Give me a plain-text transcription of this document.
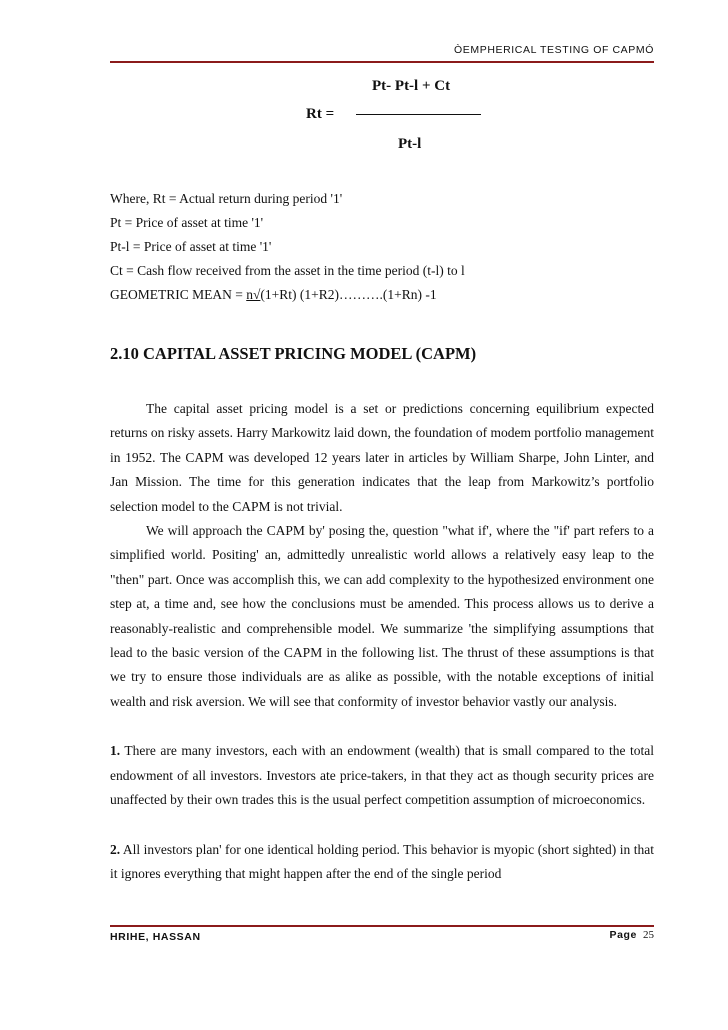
ÒEMPHERICAL TESTING OF CAPMÓ
Pt- Pt-l + Ct
Rt =
Pt-l
Where, Rt = Actual return during period '1'
Pt = Price of asset at time '1'
Pt-l = Price of asset at time '1'
Ct = Cash flow received from the asset in the time period (t-l) to l
GEOMETRIC MEAN = n√(1+Rt) (1+R2)……….(1+Rn) -1
2.10 CAPITAL ASSET PRICING MODEL (CAPM)

The capital asset pricing model is a set or predictions concerning equilibrium expected returns on risky assets. Harry Markowitz laid down, the foundation of modem portfolio management in 1952. The CAPM was developed 12 years later in articles by William Sharpe, John Linter, and Jan Mission. The time for this generation indicates that the leap from Markowitz’s portfolio selection model to the CAPM is not trivial.

We will approach the CAPM by' posing the, question "what if', where the "if' part refers to a simplified world. Positing' an, admittedly unrealistic world allows a relatively easy leap to the "then" part. Once was accomplish this, we can add complexity to the hypothesized environment one step at, a time and, see how the conclusions must be amended. This process allows us to derive a reasonably-realistic and comprehensible model. We summarize 'the simplifying assumptions that lead to the basic version of the CAPM in the following list. The thrust of these assumptions is that we try to ensure those individuals are as alike as possible, with the notable exceptions of initial wealth and risk aversion. We will see that conformity of investor behavior vastly our analysis.

1. There are many investors, each with an endowment (wealth) that is small compared to the total endowment of all investors. Investors ate price-takers, in that they act as though security prices are unaffected by their own trades this is the usual perfect competition assumption of microeconomics.

2. All investors plan' for one identical holding period. This behavior is myopic (short sighted) in that it ignores everything that might happen after the end of the single period

HRIHE, HASSAN	Page 25
